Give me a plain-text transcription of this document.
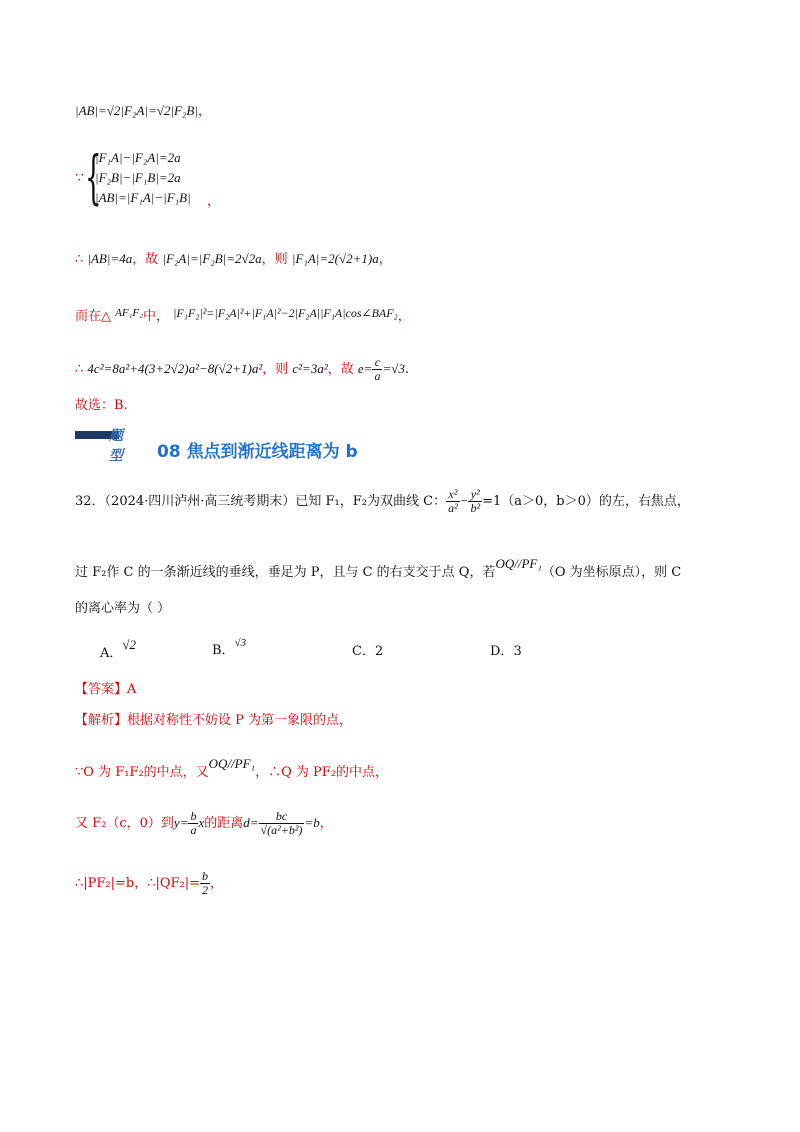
|AB|=√2|F₂A|=√2|F₂B|，
∵ {
|F₁A|−|F₂A|=2a
|F₂B|−|F₁B|=2a
|AB|=|F₁A|−|F₁B| ，
∴ |AB|=4a，故 |F₂A|=|F₂B|=2√2a，则 |F₁A|=2(√2+1)a，
而在△ $^{AF_1F_2}$中， |F₁F₂|²=|F₂A|²+|F₁A|²−2|F₂A||F₁A|cos∠BAF₂，
∴ 4c²=8a²+4(3+2√2)a²−8(√2+1)a²，则 c²=3a²，故 $e= \frac{c}{a} =√3$.
故选：B.
题型	08 焦点到渐近线距离为 b
32．（2024·四川泸州·高三统考期末）已知 F₁，F₂为双曲线 C： $\frac{\text{x²}}{\text{a²}} - \frac{\text{y²}}{\text{b²}} =1(a>0$，b＞0）的左，右焦点，
过 F₂作 C 的一条渐近线的垂线，垂足为 P，且与 C 的右支交于点 Q，若OQ//PF₁（O 为坐标原点），则 C
的离心率为（ ）
A．√2	B．$^{√3}$
C．2	D．3
【答案】A
【解析】根据对称性不妨设 P 为第一象限的点，
∵O 为 F₁F₂的中点，又OQ//PF₁，∴Q 为 PF₂的中点，
又 F₂（c，0）到$y= \frac{b}{a}$ x的距离$d= \frac{bc}{\text{√(a²+b²)}} =b$，
∴|PF₂|=b，∴|QF₂|= $\frac{b}{2}$ ，
